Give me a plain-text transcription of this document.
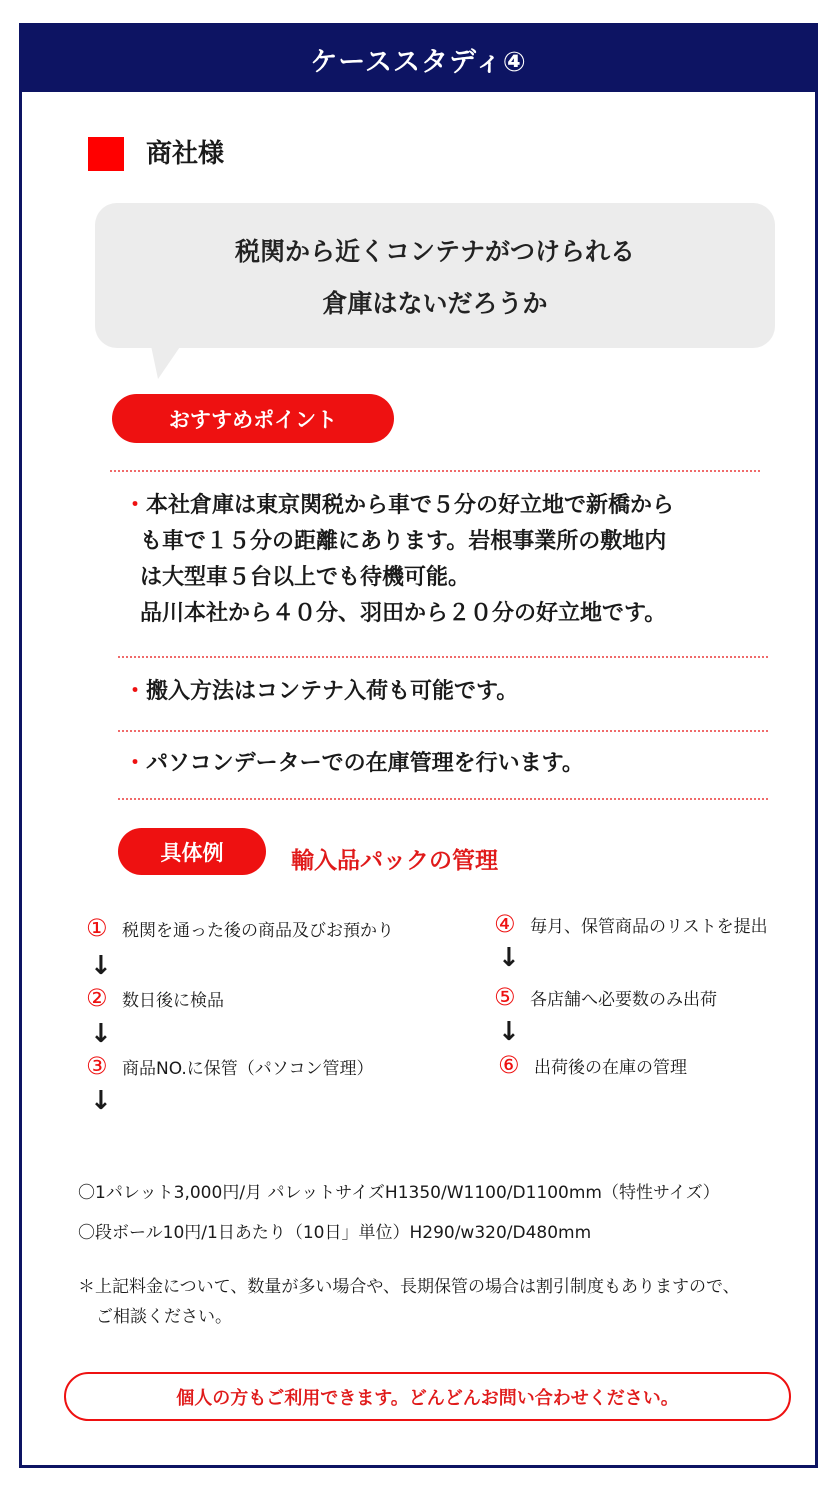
ケーススタディ④
商社様
税関から近くコンテナがつけられる
倉庫はないだろうか
おすすめポイント
・本社倉庫は東京関税から車で５分の好立地で新橋から
も車で１５分の距離にあります。岩根事業所の敷地内
は大型車５台以上でも待機可能。
品川本社から４０分、羽田から２０分の好立地です。
・搬入方法はコンテナ入荷も可能です。
・パソコンデーターでの在庫管理を行います。
具体例	輸入品パックの管理
① 税関を通った後の商品及びお預かり
↓
② 数日後に検品
↓
③ 商品NO.に保管（パソコン管理）
↓
④ 毎月、保管商品のリストを提出
↓
⑤ 各店舗へ必要数のみ出荷
↓
⑥ 出荷後の在庫の管理
〇1パレット3,000円/月 パレットサイズH1350/W1100/D1100mm（特性サイズ）
〇段ボール10円/1日あたり（10日」単位）H290/w320/D480mm
＊上記料金について、数量が多い場合や、長期保管の場合は割引制度もありますので、
ご相談ください。
個人の方もご利用できます。どんどんお問い合わせください。
